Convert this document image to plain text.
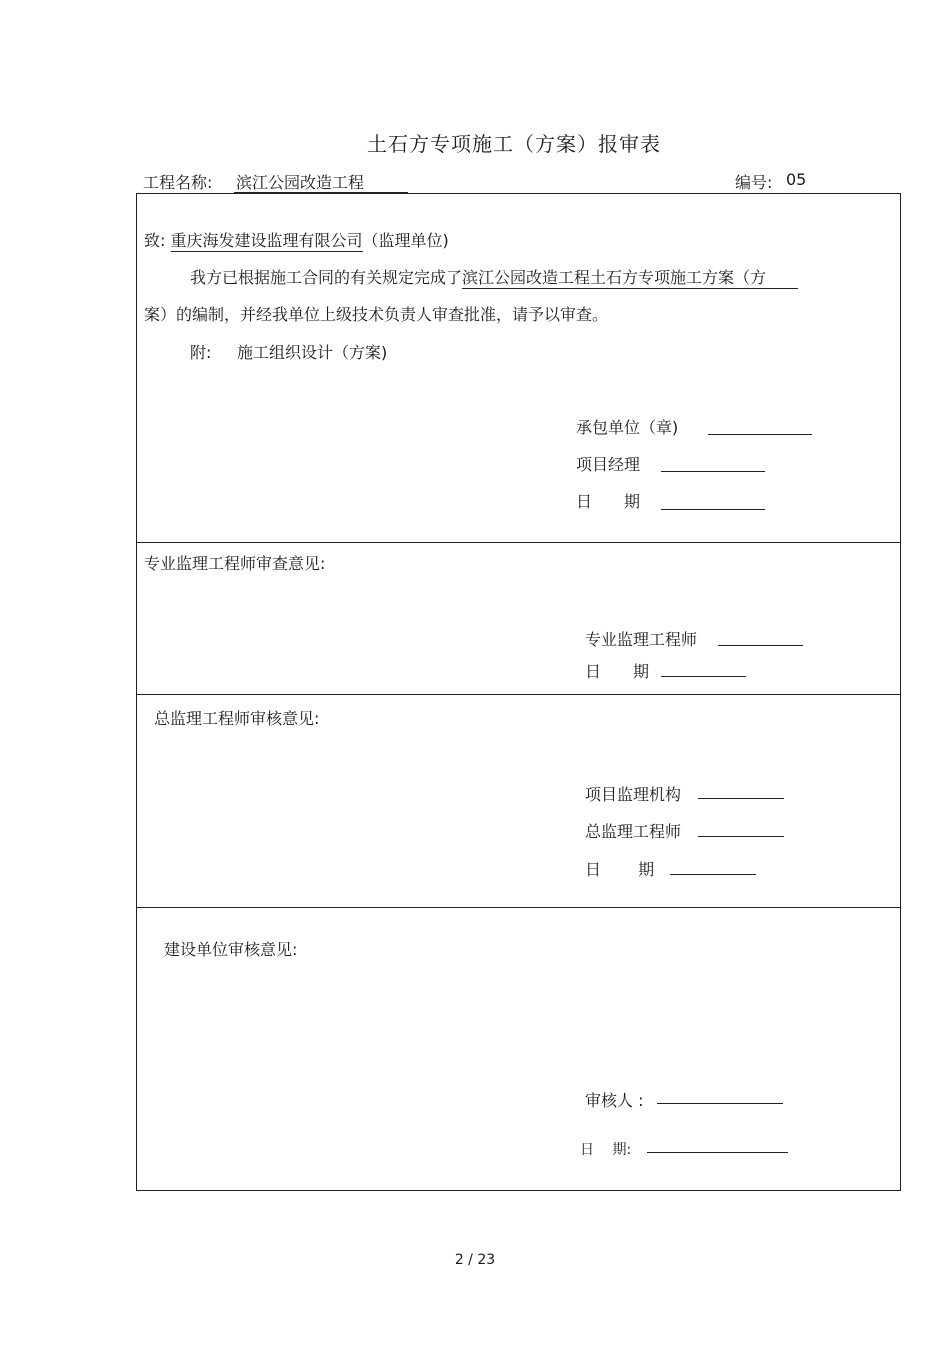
土石方专项施工（方案）报审表
工程名称: 滨江公园改造工程	编号: 05
致: 重庆海发建设监理有限公司（监理单位)
我方已根据施工合同的有关规定完成了滨江公园改造工程土石方专项施工方案（方
案）的编制，并经我单位上级技术负责人审查批准，请予以审查。
附: 施工组织设计（方案)
承包单位（章)
项目经理
日　　期
专业监理工程师审查意见:
专业监理工程师
日　　期
总监理工程师审核意见:
项目监理机构
总监理工程师
日　　 期
建设单位审核意见:
审核人 :
日　 期:
2 / 23
